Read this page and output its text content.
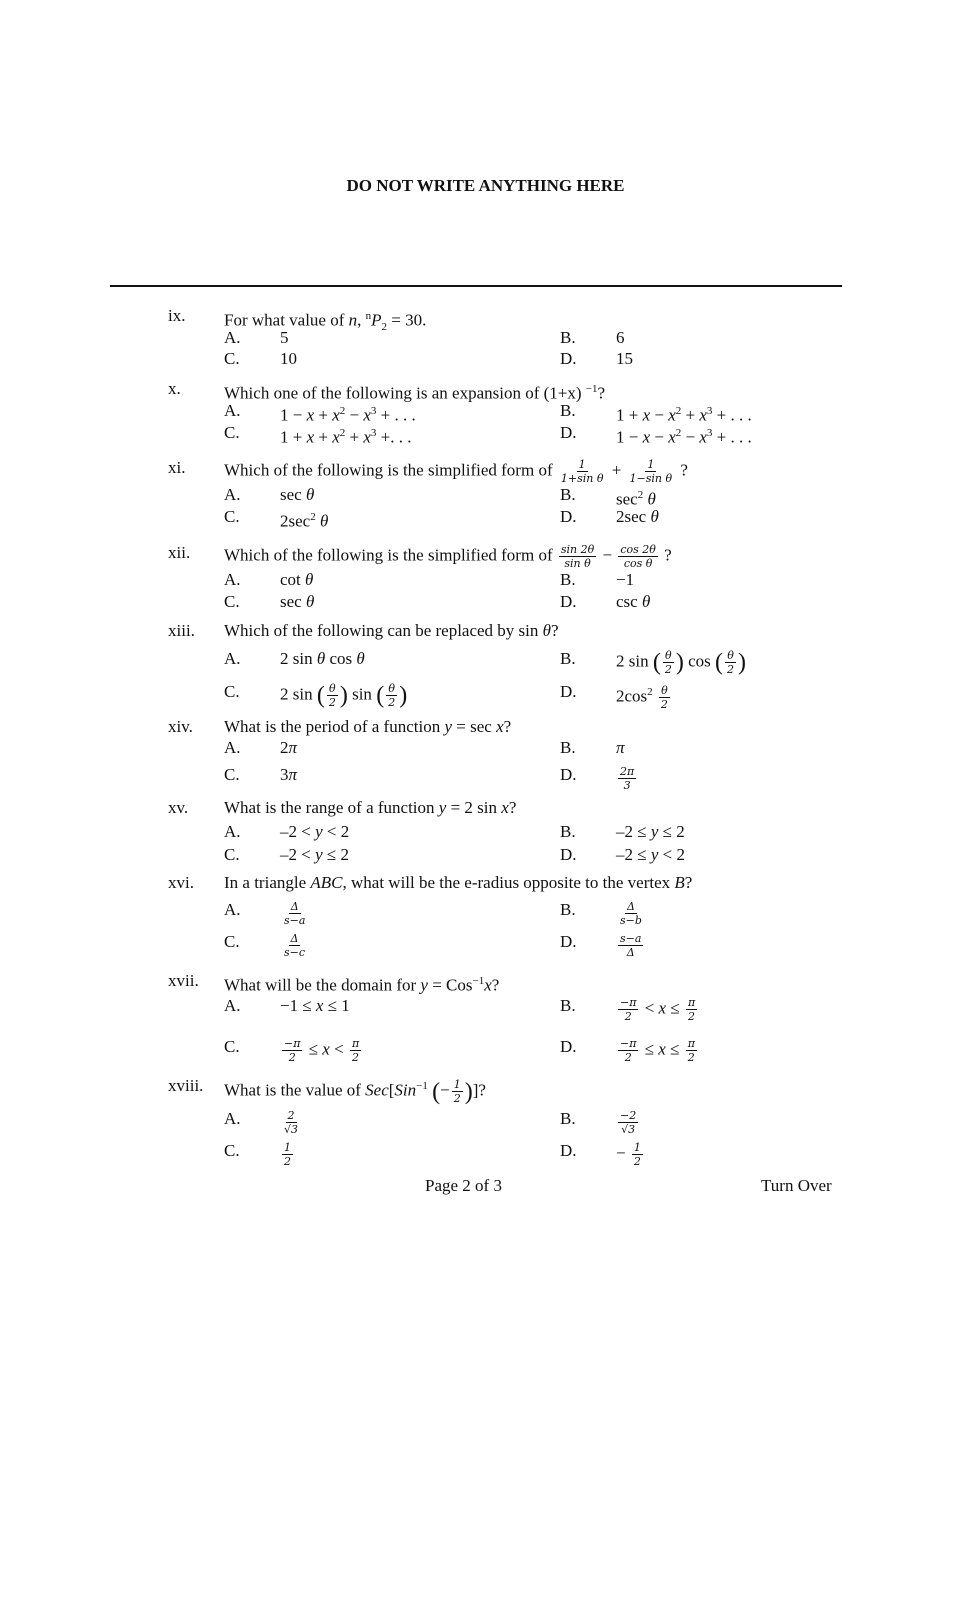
DO NOT WRITE ANYTHING HERE
ix. For what value of n, $^nP_2 = 30$.
A. 5	B. 6
C. 10	D. 15
x.	Which one of the following is an expansion of (1+x) $^{-1}$?
A. $1 - x + x^2 - x^3$ + . . .	B. $1 + x - x^2 + x^3$ + . . .
C. $1 + x + x^2 + x^3$ +. . .	D. $1 - x - x^2 - x^3$ + . . .
xi. Which of the following is the simplified form of $\frac{1}{\text{1+sin θ}} + \frac{1}{\text{1−sin θ}}$ ?
A. sec θ	B. $\sec^2 \theta$
C. $2\sec^2$ θ	D. 2sec θ
xii. Which of the following is the simplified form of $\frac{\sin 2\theta}{\text{sin θ}} - \frac{\cos 2\theta}{\text{cos θ}}$ ?
A. cot θ	B. −1
C. sec θ	D. csc θ
xiii. Which of the following can be replaced by sin θ?
A. 2 sin θ cos θ	B. 2 sin ( $\frac{\theta}{2}$ ) cos ( $\frac{\theta}{2}$ )
C. 2 sin ( $\frac{\theta}{2}$ ) sin ( $\frac{\theta}{2}$ )	D. $2\cos^2 \frac{\theta}{2}$
xiv. What is the period of a function y = sec x?
A. 2π	B. π
C. 3π	D.	$\frac{2\pi}{3}$
xv. What is the range of a function y = 2 sin x?
A. –2 < y < 2	B. –2 ≤ y ≤ 2
C. –2 < y ≤ 2	D. –2 ≤ y < 2
xvi. In a triangle ABC, what will be the e-radius opposite to the vertex B?
A.	$\frac{\Delta}{s-a}$	B.	$\frac{\Delta}{s-b}$
C.	$\frac{\Delta}{s-c}$	D.	$\frac{s-a}{\Delta}$
xvii. What will be the domain for y = Cos$^{-1}$x?
A. −1 ≤ x ≤ 1	B.	$\frac{-\pi}{2} < x \le \frac{\pi}{2}$
C.	$\frac{-\pi}{2} \le x < \frac{\pi}{2}$	D.	$\frac{-\pi}{2} \le x \le \frac{\pi}{2}$
xviii. What is the value of Sec[Sin$^{-1}$ (− $\frac{1}{2}$ )]?
A.	$\frac{2}{√3}$	B.	$\frac{-2}{√3}$
C.	$\frac{1}{2}$	D. − $\frac{1}{2}$
Page 2 of 3	Turn Over
